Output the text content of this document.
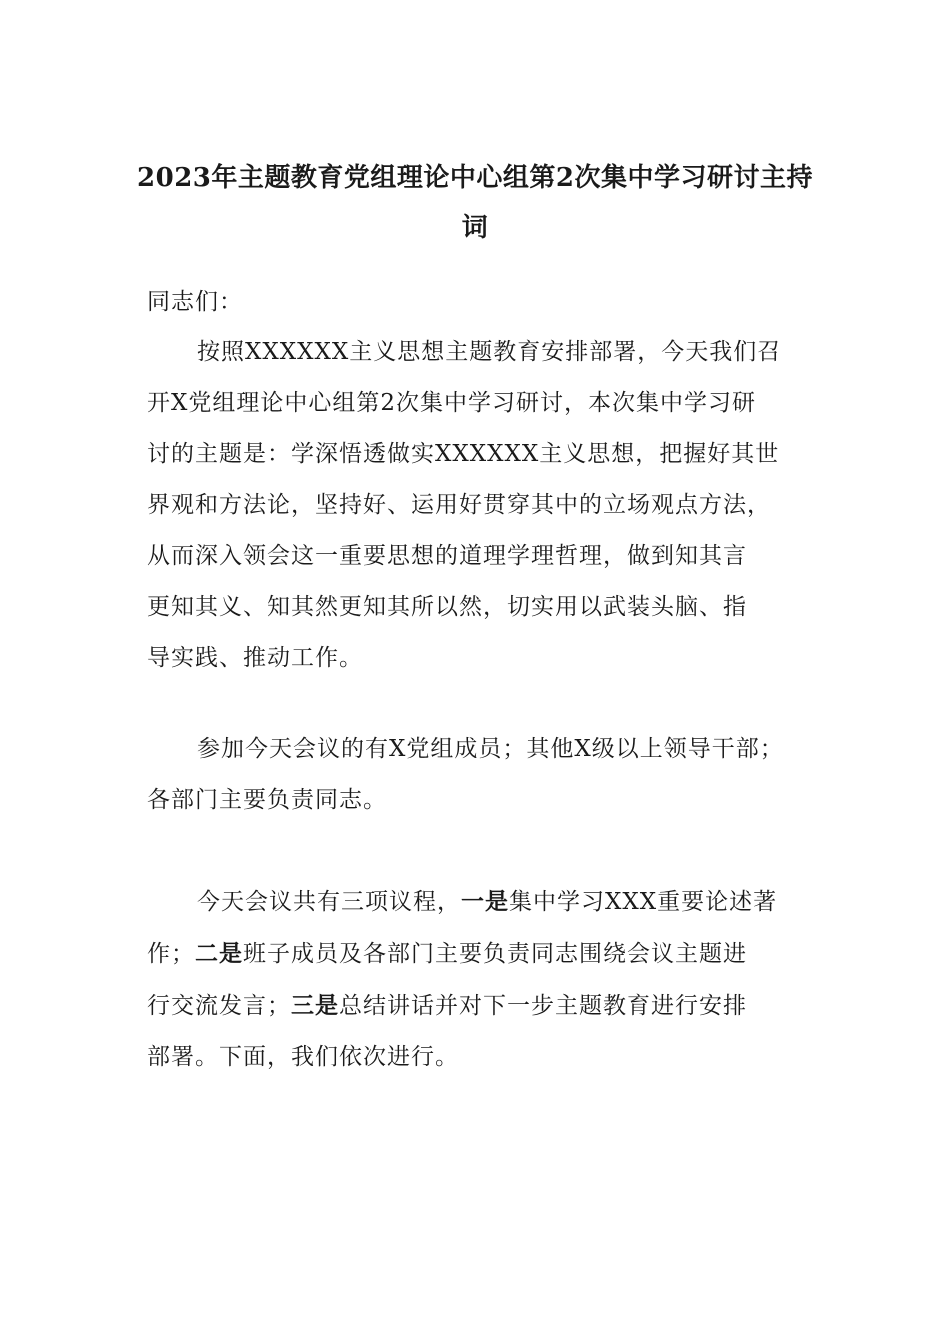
2023年主题教育党组理论中心组第2次集中学习研讨主持
词

同志们：

按照XXXXXX主义思想主题教育安排部署，今天我们召
开X党组理论中心组第2次集中学习研讨，本次集中学习研
讨的主题是：学深悟透做实XXXXXX主义思想，把握好其世
界观和方法论，坚持好、运用好贯穿其中的立场观点方法，
从而深入领会这一重要思想的道理学理哲理，做到知其言
更知其义、知其然更知其所以然，切实用以武装头脑、指
导实践、推动工作。

参加今天会议的有X党组成员；其他X级以上领导干部；
各部门主要负责同志。

今天会议共有三项议程，一是集中学习XXX重要论述著
作；二是班子成员及各部门主要负责同志围绕会议主题进
行交流发言；三是总结讲话并对下一步主题教育进行安排
部署。下面，我们依次进行。
